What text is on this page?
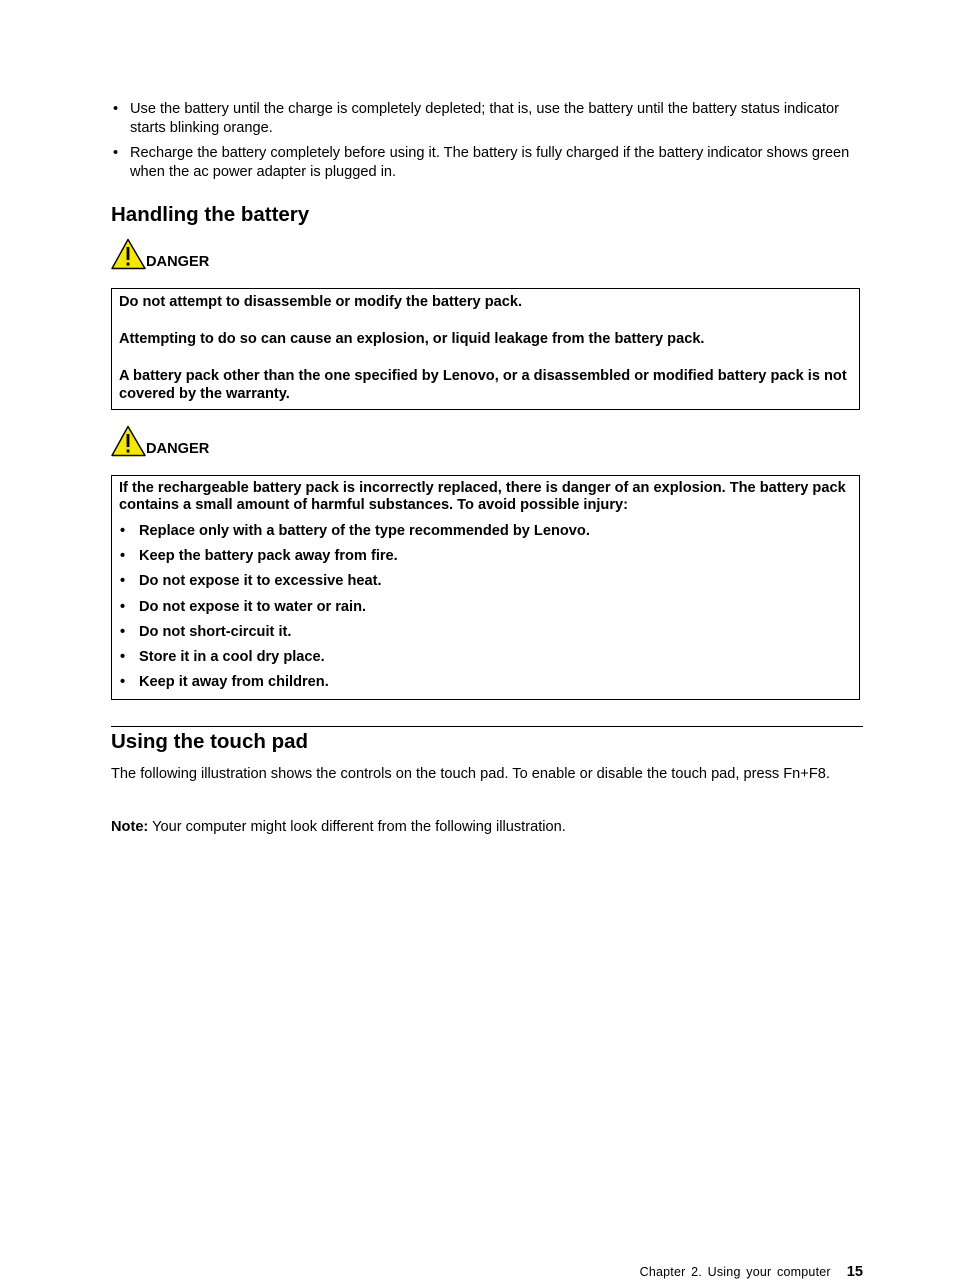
• Use the battery until the charge is completely depleted; that is, use the battery until the battery status indicator starts blinking orange.
• Recharge the battery completely before using it. The battery is fully charged if the battery indicator shows green when the ac power adapter is plugged in.
Handling the battery
DANGER

Do not attempt to disassemble or modify the battery pack.

Attempting to do so can cause an explosion, or liquid leakage from the battery pack.

A battery pack other than the one specified by Lenovo, or a disassembled or modified battery pack is not covered by the warranty.

DANGER

If the rechargeable battery pack is incorrectly replaced, there is danger of an explosion. The battery pack contains a small amount of harmful substances. To avoid possible injury:

• Replace only with a battery of the type recommended by Lenovo.
• Keep the battery pack away from fire.
• Do not expose it to excessive heat.
• Do not expose it to water or rain.
• Do not short-circuit it.
• Store it in a cool dry place.
• Keep it away from children.
Using the touch pad

The following illustration shows the controls on the touch pad. To enable or disable the touch pad, press Fn+F8.

Note: Your computer might look different from the following illustration.

Chapter 2. Using your computer 15
